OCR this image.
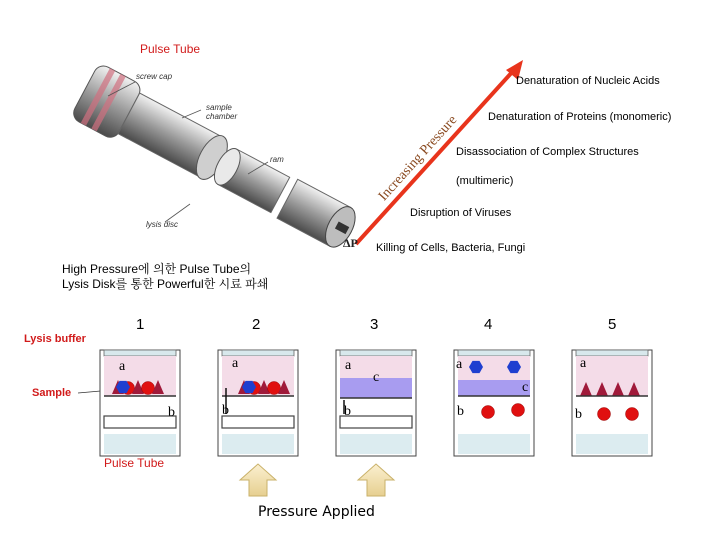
Pulse Tube
screw cap
sample
chamber
ram
lysis disc
Increasing Pressure
Denaturation of Nucleic Acids
Denaturation of Proteins (monomeric)
Disassociation of Complex Structures
(multimeric)
Disruption of Viruses
Killing of Cells, Bacteria, Fungi
ΔP
High Pressure에 의한 Pulse Tube의
Lysis Disk를 통한 Powerful한 시료 파쇄
Lysis buffer
Sample
Pulse Tube
1	2	3	4	5
a
b
a
b
a
c
b
a
c
b
a
b
Pressure Applied
